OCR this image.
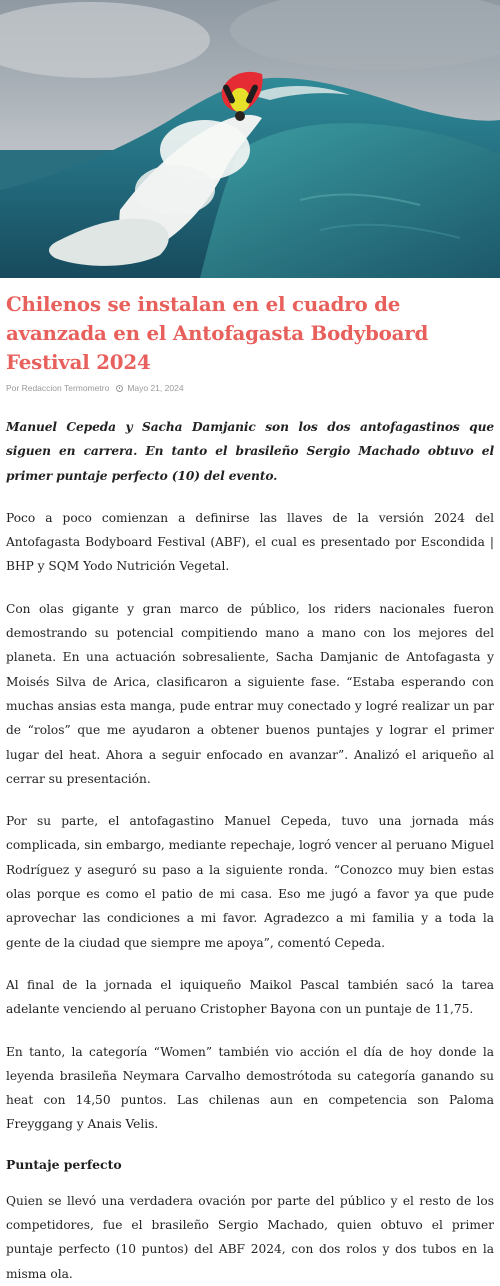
Chilenos se instalan en el cuadro de avanzada en el Antofagasta Bodyboard Festival 2024
Por Redaccion Termometro Mayo 21, 2024

Manuel Cepeda y Sacha Damjanic son los dos antofagastinos que siguen en carrera. En tanto el brasileño Sergio Machado obtuvo el primer puntaje perfecto (10) del evento.

Poco a poco comienzan a definirse las llaves de la versión 2024 del Antofagasta Bodyboard Festival (ABF), el cual es presentado por Escondida | BHP y SQM Yodo Nutrición Vegetal.

Con olas gigante y gran marco de público, los riders nacionales fueron demostrando su potencial compitiendo mano a mano con los mejores del planeta. En una actuación sobresaliente, Sacha Damjanic de Antofagasta y Moisés Silva de Arica, clasificaron a siguiente fase. “Estaba esperando con muchas ansias esta manga, pude entrar muy conectado y logré realizar un par de “rolos” que me ayudaron a obtener buenos puntajes y lograr el primer lugar del heat. Ahora a seguir enfocado en avanzar”. Analizó el ariqueño al cerrar su presentación.

Por su parte, el antofagastino Manuel Cepeda, tuvo una jornada más complicada, sin embargo, mediante repechaje, logró vencer al peruano Miguel Rodríguez y aseguró su paso a la siguiente ronda. “Conozco muy bien estas olas porque es como el patio de mi casa. Eso me jugó a favor ya que pude aprovechar las condiciones a mi favor. Agradezco a mi familia y a toda la gente de la ciudad que siempre me apoya”, comentó Cepeda.

Al final de la jornada el iquiqueño Maikol Pascal también sacó la tarea adelante venciendo al peruano Cristopher Bayona con un puntaje de 11,75.

En tanto, la categoría “Women” también vio acción el día de hoy donde la leyenda brasileña Neymara Carvalho demostrótoda su categoría ganando su heat con 14,50 puntos. Las chilenas aun en competencia son Paloma Freyggang y Anais Velis.

Puntaje perfecto

Quien se llevó una verdadera ovación por parte del público y el resto de los competidores, fue el brasileño Sergio Machado, quien obtuvo el primer puntaje perfecto (10 puntos) del ABF 2024, con dos rolos y dos tubos en la misma ola.
